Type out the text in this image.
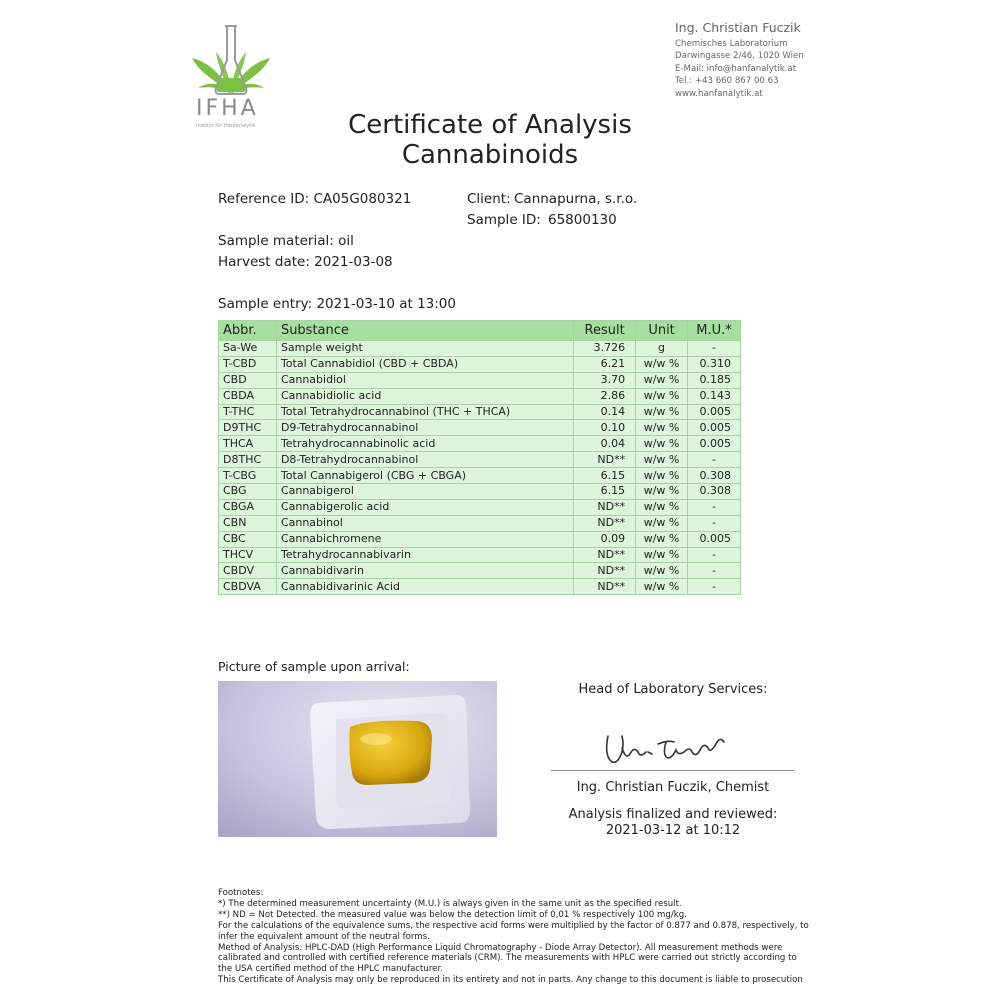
IFHA
Institut für Hanfanalytik
Ing. Christian Fuczik
Chemisches Laboratorium
Darwingasse 2/46, 1020 Wien
E-Mail: info@hanfanalytik.at
Tel.: +43 660 867 00 63
www.hanfanalytik.at
Certificate of Analysis
Cannabinoids
Reference ID: CA05G080321	Client: Cannapurna, s.r.o.
Sample ID: 65800130
Sample material: oil
Harvest date: 2021-03-08
Sample entry: 2021-03-10 at 13:00
Abbr.	Substance	Result	Unit	M.U.*
Sa-We	Sample weight	3.726	g	-
T-CBD	Total Cannabidiol (CBD + CBDA)	6.21	w/w %	0.310
CBD	Cannabidiol	3.70	w/w %	0.185
CBDA	Cannabidiolic acid	2.86	w/w %	0.143
T-THC	Total Tetrahydrocannabinol (THC + THCA)	0.14	w/w %	0.005
D9THC	D9-Tetrahydrocannabinol	0.10	w/w %	0.005
THCA	Tetrahydrocannabinolic acid	0.04	w/w %	0.005
D8THC	D8-Tetrahydrocannabinol	ND**	w/w %	-
T-CBG	Total Cannabigerol (CBG + CBGA)	6.15	w/w %	0.308
CBG	Cannabigerol	6.15	w/w %	0.308
CBGA	Cannabigerolic acid	ND**	w/w %	-
CBN	Cannabinol	ND**	w/w %	-
CBC	Cannabichromene	0.09	w/w %	0.005
THCV	Tetrahydrocannabivarin	ND**	w/w %	-
CBDV	Cannabidivarin	ND**	w/w %	-
CBDVA	Cannabidivarinic Acid	ND**	w/w %	-
Picture of sample upon arrival:
Head of Laboratory Services:
Ing. Christian Fuczik, Chemist
Analysis finalized and reviewed:
2021-03-12 at 10:12
Footnotes:
*) The determined measurement uncertainty (M.U.) is always given in the same unit as the specified result.
**) ND = Not Detected. the measured value was below the detection limit of 0,01 % respectively 100 mg/kg.
For the calculations of the equivalence sums, the respective acid forms were multiplied by the factor of 0.877 and 0.878, respectively, to
infer the equivalent amount of the neutral forms.
Method of Analysis: HPLC-DAD (High Performance Liquid Chromatography - Diode Array Detector). All measurement methods were
calibrated and controlled with certified reference materials (CRM). The measurements with HPLC were carried out strictly according to
the USA certified method of the HPLC manufacturer.
This Certificate of Analysis may only be reproduced in its entirety and not in parts. Any change to this document is liable to prosecution
